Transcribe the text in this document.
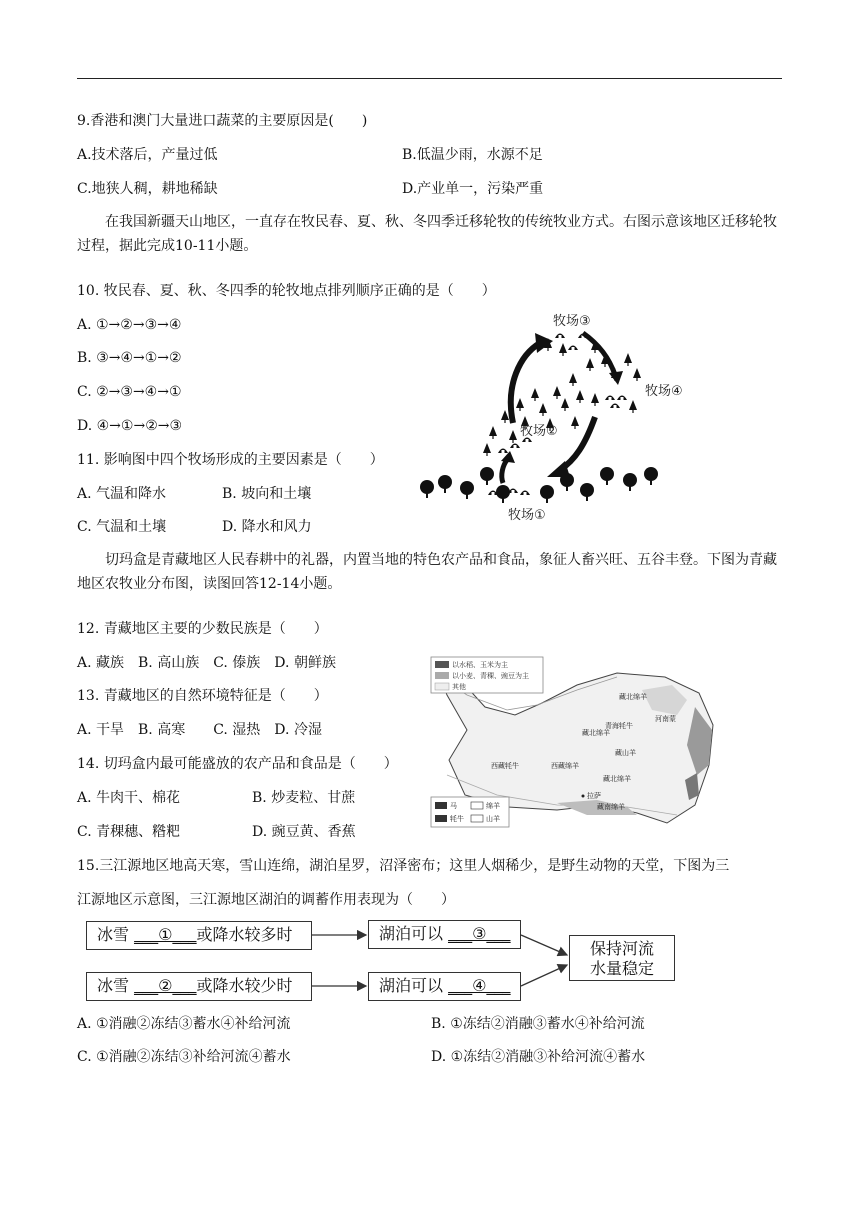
9.香港和澳门大量进口蔬菜的主要原因是(　　)
A.技术落后，产量过低	B.低温少雨，水源不足
C.地狭人稠，耕地稀缺	D.产业单一，污染严重
在我国新疆天山地区，一直存在牧民春、夏、秋、冬四季迁移轮牧的传统牧业方式。右图示意该地区迁移轮牧过程，据此完成10-11小题。
10. 牧民春、夏、秋、冬四季的轮牧地点排列顺序正确的是（　　）
A. ①→②→③→④
B. ③→④→①→②
C. ②→③→④→①
D. ④→①→②→③
11. 影响图中四个牧场形成的主要因素是（　　）
A. 气温和降水	B. 坡向和土壤
C. 气温和土壤	D. 降水和风力
牧场③
牧场④
牧场②
牧场①
切玛盒是青藏地区人民春耕中的礼器，内置当地的特色农产品和食品，象征人畜兴旺、五谷丰登。下图为青藏地区农牧业分布图，读图回答12-14小题。
12. 青藏地区主要的少数民族是（　　）
A. 藏族　B. 高山族　C. 傣族　D. 朝鲜族
13. 青藏地区的自然环境特征是（　　）
A. 干旱　B. 高寒　　C. 湿热　D. 冷湿
14. 切玛盒内最可能盛放的农产品和食品是（　　）
A. 牛肉干、棉花	B. 炒麦粒、甘蔗
C. 青稞穗、糌粑	D. 豌豆黄、香蕉
以水稻、玉米为主
以小麦、青稞、豌豆为主
其他
藏北绵羊
河南蒙
青海牦牛
藏北绵羊
藏山羊
西藏牦牛	西藏绵羊
藏北绵羊
拉萨
藏南绵羊
马	绵羊
牦牛	山羊
15.三江源地区地高天寒，雪山连绵，湖泊星罗，沼泽密布；这里人烟稀少，是野生动物的天堂，下图为三
江源地区示意图，三江源地区湖泊的调蓄作用表现为（　　）
冰雪 ___①___或降水较多时
冰雪 ___②___或降水较少时
湖泊可以 ___③___
湖泊可以 ___④___
保持河流
水量稳定
A. ①消融②冻结③蓄水④补给河流	B. ①冻结②消融③蓄水④补给河流
C. ①消融②冻结③补给河流④蓄水	D. ①冻结②消融③补给河流④蓄水
